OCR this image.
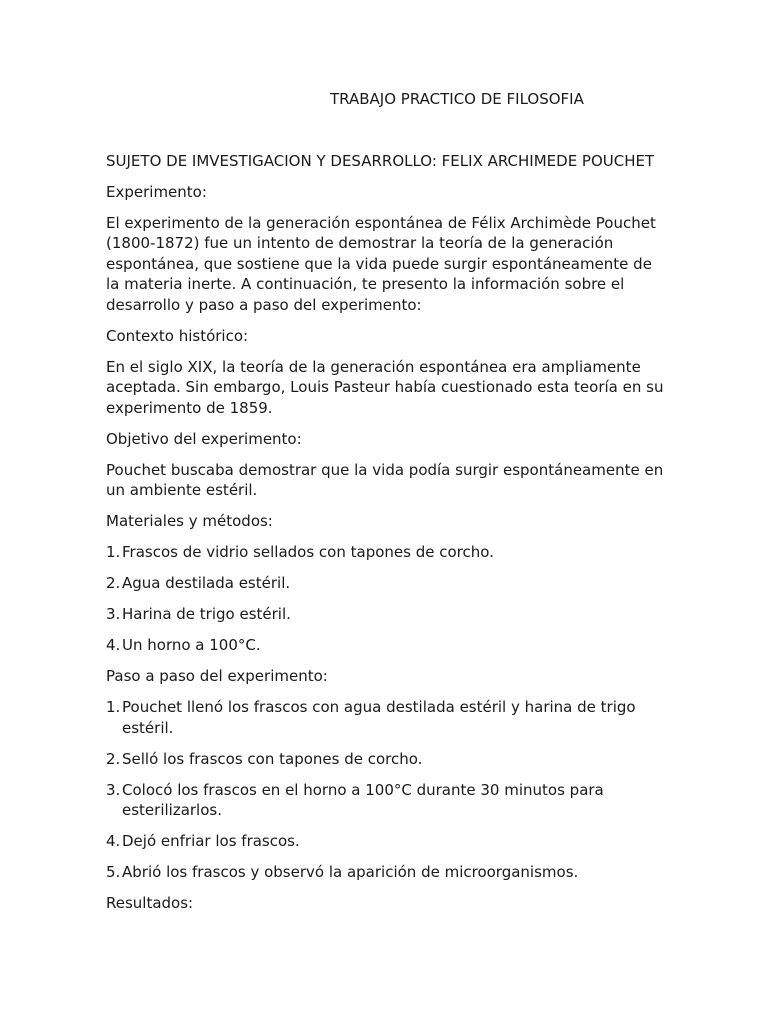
TRABAJO PRACTICO DE FILOSOFIA

SUJETO DE IMVESTIGACION Y DESARROLLO: FELIX ARCHIMEDE POUCHET

Experimento:

El experimento de la generación espontánea de Félix Archimède Pouchet (1800-1872) fue un intento de demostrar la teoría de la generación espontánea, que sostiene que la vida puede surgir espontáneamente de la materia inerte. A continuación, te presento la información sobre el desarrollo y paso a paso del experimento:

Contexto histórico:

En el siglo XIX, la teoría de la generación espontánea era ampliamente aceptada. Sin embargo, Louis Pasteur había cuestionado esta teoría en su experimento de 1859.

Objetivo del experimento:

Pouchet buscaba demostrar que la vida podía surgir espontáneamente en un ambiente estéril.

Materiales y métodos:

1. Frascos de vidrio sellados con tapones de corcho.
2. Agua destilada estéril.
3. Harina de trigo estéril.
4. Un horno a 100°C.

Paso a paso del experimento:

1. Pouchet llenó los frascos con agua destilada estéril y harina de trigo estéril.
2. Selló los frascos con tapones de corcho.
3. Colocó los frascos en el horno a 100°C durante 30 minutos para esterilizarlos.
4. Dejó enfriar los frascos.
5. Abrió los frascos y observó la aparición de microorganismos.

Resultados:
